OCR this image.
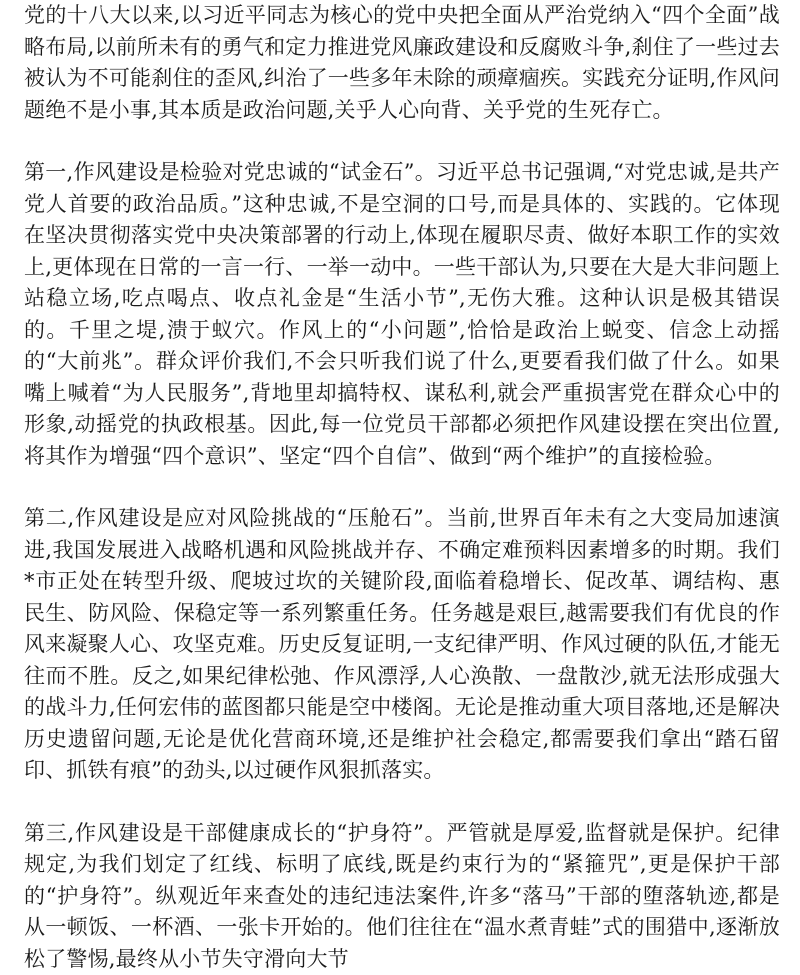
党的十八大以来,以习近平同志为核心的党中央把全面从严治党纳入“四个全面”战略布局,以前所未有的勇气和定力推进党风廉政建设和反腐败斗争,刹住了一些过去被认为不可能刹住的歪风,纠治了一些多年未除的顽瘴痼疾。实践充分证明,作风问题绝不是小事,其本质是政治问题,关乎人心向背、关乎党的生死存亡。

第一,作风建设是检验对党忠诚的“试金石”。习近平总书记强调,“对党忠诚,是共产党人首要的政治品质。”这种忠诚,不是空洞的口号,而是具体的、实践的。它体现在坚决贯彻落实党中央决策部署的行动上,体现在履职尽责、做好本职工作的实效上,更体现在日常的一言一行、一举一动中。一些干部认为,只要在大是大非问题上站稳立场,吃点喝点、收点礼金是“生活小节”,无伤大雅。这种认识是极其错误的。千里之堤,溃于蚁穴。作风上的“小问题”,恰恰是政治上蜕变、信念上动摇的“大前兆”。群众评价我们,不会只听我们说了什么,更要看我们做了什么。如果嘴上喊着“为人民服务”,背地里却搞特权、谋私利,就会严重损害党在群众心中的形象,动摇党的执政根基。因此,每一位党员干部都必须把作风建设摆在突出位置,将其作为增强“四个意识”、坚定“四个自信”、做到“两个维护”的直接检验。

第二,作风建设是应对风险挑战的“压舱石”。当前,世界百年未有之大变局加速演进,我国发展进入战略机遇和风险挑战并存、不确定难预料因素增多的时期。我们*市正处在转型升级、爬坡过坎的关键阶段,面临着稳增长、促改革、调结构、惠民生、防风险、保稳定等一系列繁重任务。任务越是艰巨,越需要我们有优良的作风来凝聚人心、攻坚克难。历史反复证明,一支纪律严明、作风过硬的队伍,才能无往而不胜。反之,如果纪律松弛、作风漂浮,人心涣散、一盘散沙,就无法形成强大的战斗力,任何宏伟的蓝图都只能是空中楼阁。无论是推动重大项目落地,还是解决历史遗留问题,无论是优化营商环境,还是维护社会稳定,都需要我们拿出“踏石留印、抓铁有痕”的劲头,以过硬作风狠抓落实。

第三,作风建设是干部健康成长的“护身符”。严管就是厚爱,监督就是保护。纪律规定,为我们划定了红线、标明了底线,既是约束行为的“紧箍咒”,更是保护干部的“护身符”。纵观近年来查处的违纪违法案件,许多“落马”干部的堕落轨迹,都是从一顿饭、一杯酒、一张卡开始的。他们往往在“温水煮青蛙”式的围猎中,逐渐放松了警惕,最终从小节失守滑向大节
